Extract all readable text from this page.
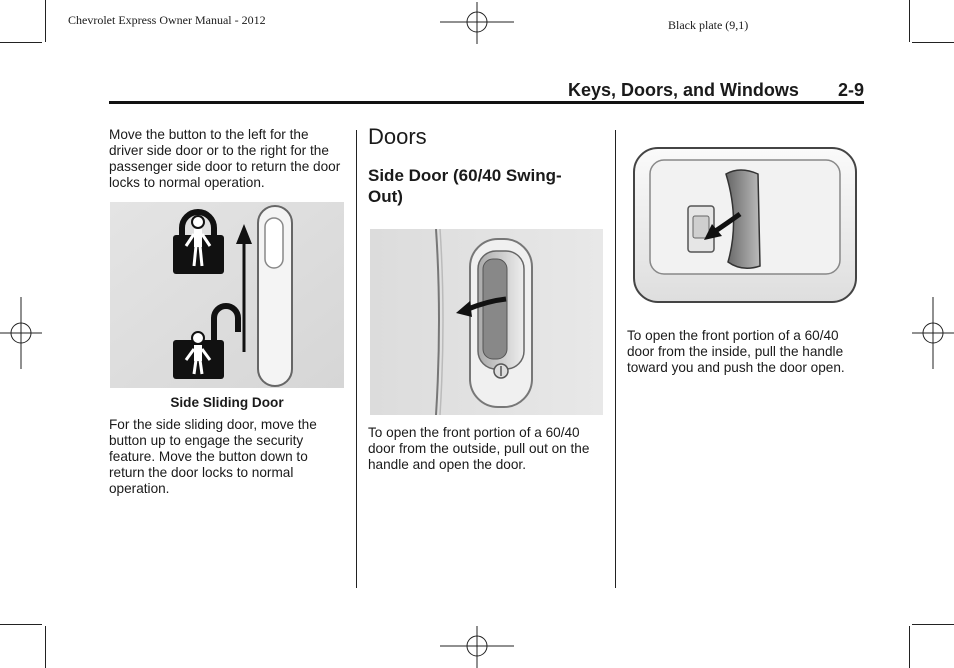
Chevrolet Express Owner Manual - 2012	Black plate (9,1)
Keys, Doors, and Windows 2-9
Move the button to the left for the driver side door or to the right for the passenger side door to return the door locks to normal operation.
Side Sliding Door
For the side sliding door, move the button up to engage the security feature. Move the button down to return the door locks to normal operation.
Doors
Side Door (60/40 Swing-Out)
To open the front portion of a 60/40 door from the outside, pull out on the handle and open the door.
To open the front portion of a 60/40 door from the inside, pull the handle toward you and push the door open.
